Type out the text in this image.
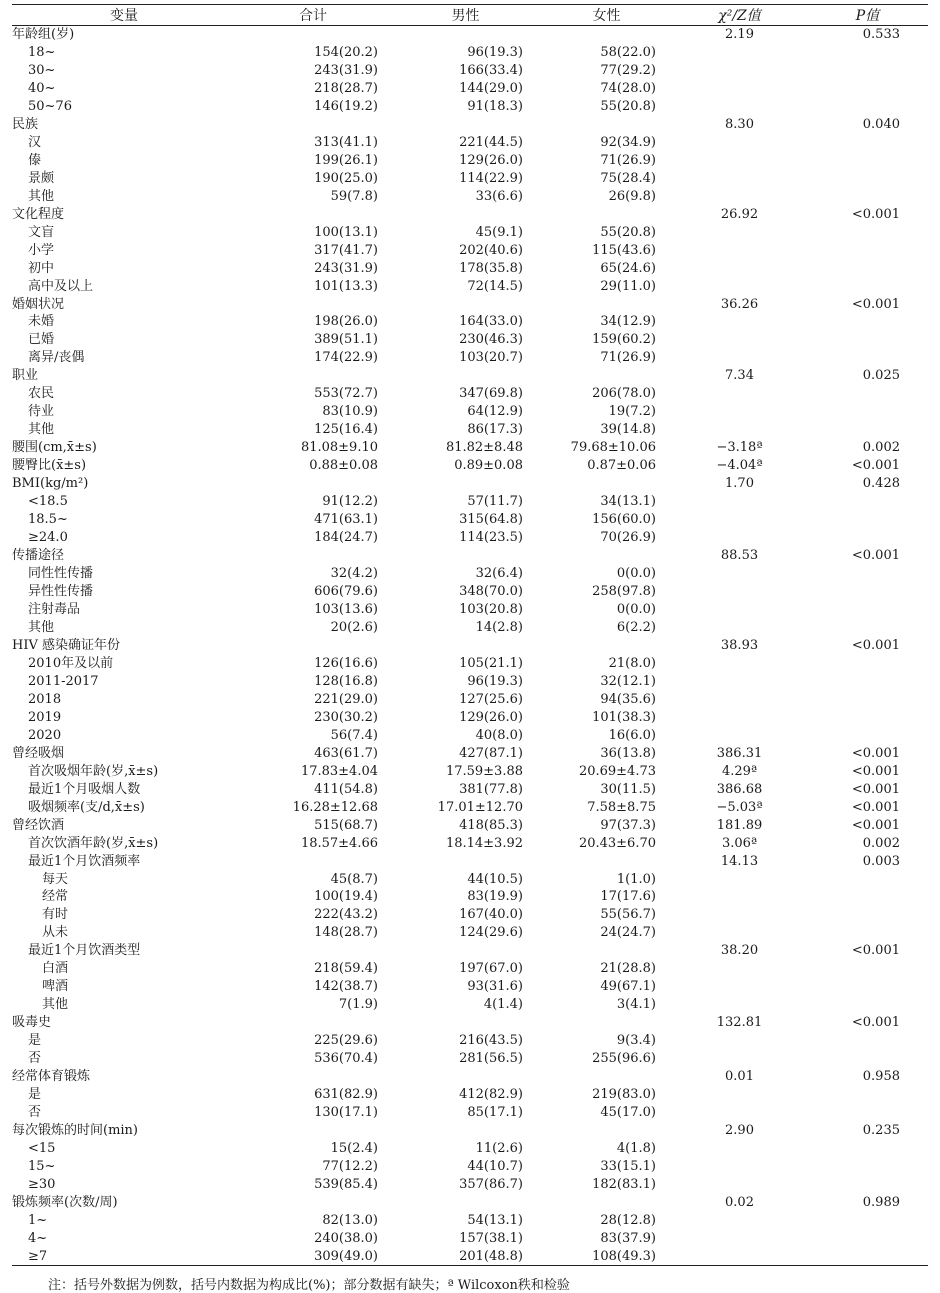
变量	合计	男性	女性	χ²/Z值	P值
年龄组(岁)				2.19	0.533
18~	154(20.2)	96(19.3)	58(22.0)		
30~	243(31.9)	166(33.4)	77(29.2)		
40~	218(28.7)	144(29.0)	74(28.0)		
50~76	146(19.2)	91(18.3)	55(20.8)		
民族				8.30	0.040
汉	313(41.1)	221(44.5)	92(34.9)		
傣	199(26.1)	129(26.0)	71(26.9)		
景颇	190(25.0)	114(22.9)	75(28.4)		
其他	59(7.8)	33(6.6)	26(9.8)		
文化程度				26.92	<0.001
文盲	100(13.1)	45(9.1)	55(20.8)		
小学	317(41.7)	202(40.6)	115(43.6)		
初中	243(31.9)	178(35.8)	65(24.6)		
高中及以上	101(13.3)	72(14.5)	29(11.0)		
婚姻状况				36.26	<0.001
未婚	198(26.0)	164(33.0)	34(12.9)		
已婚	389(51.1)	230(46.3)	159(60.2)		
离异/丧偶	174(22.9)	103(20.7)	71(26.9)		
职业				7.34	0.025
农民	553(72.7)	347(69.8)	206(78.0)		
待业	83(10.9)	64(12.9)	19(7.2)		
其他	125(16.4)	86(17.3)	39(14.8)		
腰围(cm,x̄±s)	81.08±9.10	81.82±8.48	79.68±10.06	−3.18ª	0.002
腰臀比(x̄±s)	0.88±0.08	0.89±0.08	0.87±0.06	−4.04ª	<0.001
BMI(kg/m²)				1.70	0.428
<18.5	91(12.2)	57(11.7)	34(13.1)		
18.5~	471(63.1)	315(64.8)	156(60.0)		
≥24.0	184(24.7)	114(23.5)	70(26.9)		
传播途径				88.53	<0.001
同性性传播	32(4.2)	32(6.4)	0(0.0)		
异性性传播	606(79.6)	348(70.0)	258(97.8)		
注射毒品	103(13.6)	103(20.8)	0(0.0)		
其他	20(2.6)	14(2.8)	6(2.2)		
HIV 感染确证年份				38.93	<0.001
2010年及以前	126(16.6)	105(21.1)	21(8.0)		
2011-2017	128(16.8)	96(19.3)	32(12.1)		
2018	221(29.0)	127(25.6)	94(35.6)		
2019	230(30.2)	129(26.0)	101(38.3)		
2020	56(7.4)	40(8.0)	16(6.0)		
曾经吸烟	463(61.7)	427(87.1)	36(13.8)	386.31	<0.001
首次吸烟年龄(岁,x̄±s)	17.83±4.04	17.59±3.88	20.69±4.73	4.29ª	<0.001
最近1个月吸烟人数	411(54.8)	381(77.8)	30(11.5)	386.68	<0.001
吸烟频率(支/d,x̄±s)	16.28±12.68	17.01±12.70	7.58±8.75	−5.03ª	<0.001
曾经饮酒	515(68.7)	418(85.3)	97(37.3)	181.89	<0.001
首次饮酒年龄(岁,x̄±s)	18.57±4.66	18.14±3.92	20.43±6.70	3.06ª	0.002
最近1个月饮酒频率				14.13	0.003
每天	45(8.7)	44(10.5)	1(1.0)		
经常	100(19.4)	83(19.9)	17(17.6)		
有时	222(43.2)	167(40.0)	55(56.7)		
从未	148(28.7)	124(29.6)	24(24.7)		
最近1个月饮酒类型				38.20	<0.001
白酒	218(59.4)	197(67.0)	21(28.8)		
啤酒	142(38.7)	93(31.6)	49(67.1)		
其他	7(1.9)	4(1.4)	3(4.1)		
吸毒史				132.81	<0.001
是	225(29.6)	216(43.5)	9(3.4)		
否	536(70.4)	281(56.5)	255(96.6)		
经常体育锻炼				0.01	0.958
是	631(82.9)	412(82.9)	219(83.0)		
否	130(17.1)	85(17.1)	45(17.0)		
每次锻炼的时间(min)				2.90	0.235
<15	15(2.4)	11(2.6)	4(1.8)		
15~	77(12.2)	44(10.7)	33(15.1)		
≥30	539(85.4)	357(86.7)	182(83.1)		
锻炼频率(次数/周)				0.02	0.989
1~	82(13.0)	54(13.1)	28(12.8)		
4~	240(38.0)	157(38.1)	83(37.9)		
≥7	309(49.0)	201(48.8)	108(49.3)		
注：括号外数据为例数，括号内数据为构成比(%)；部分数据有缺失；ª Wilcoxon秩和检验
